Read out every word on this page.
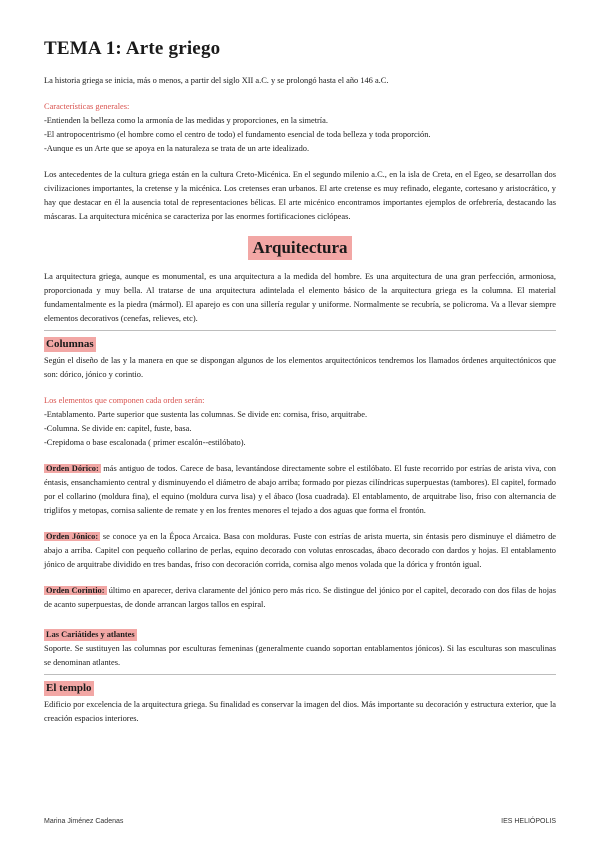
TEMA 1: Arte griego

La historia griega se inicia, más o menos, a partir del siglo XII a.C. y se prolongó hasta el año 146 a.C.

Características generales:

-Entienden la belleza como la armonía de las medidas y proporciones, en la simetría.

-El antropocentrismo (el hombre como el centro de todo) el fundamento esencial de toda belleza y toda proporción.

-Aunque es un Arte que se apoya en la naturaleza se trata de un arte idealizado.

Los antecedentes de la cultura griega están en la cultura Creto-Micénica. En el segundo milenio a.C., en la isla de Creta, en el Egeo, se desarrollan dos civilizaciones importantes, la cretense y la micénica. Los cretenses eran urbanos. El arte cretense es muy refinado, elegante, cortesano y aristocrático, y hay que destacar en él la ausencia total de representaciones bélicas. El arte micénico encontramos importantes ejemplos de orfebrería, destacando las máscaras. La arquitectura micénica se caracteriza por las enormes fortificaciones ciclópeas.

Arquitectura

La arquitectura griega, aunque es monumental, es una arquitectura a la medida del hombre. Es una arquitectura de una gran perfección, armoniosa, proporcionada y muy bella. Al tratarse de una arquitectura adintelada el elemento básico de la arquitectura griega es la columna. El material fundamentalmente es la piedra (mármol). El aparejo es con una sillería regular y uniforme. Normalmente se recubría, se policroma. Va a llevar siempre elementos decorativos (cenefas, relieves, etc).

Columnas

Según el diseño de las y la manera en que se dispongan algunos de los elementos arquitectónicos tendremos los llamados órdenes arquitectónicos que son: dórico, jónico y corintio.

Los elementos que componen cada orden serán:

-Entablamento. Parte superior que sustenta las columnas. Se divide en: cornisa, friso, arquitrabe.

-Columna. Se divide en: capitel, fuste, basa.

-Crepidoma o base escalonada ( primer escalón--estilóbato).

Orden Dórico: más antiguo de todos. Carece de basa, levantándose directamente sobre el estilóbato. El fuste recorrido por estrías de arista viva, con éntasis, ensanchamiento central y disminuyendo el diámetro de abajo arriba; formado por piezas cilíndricas superpuestas (tambores). El capitel, formado por el collarino (moldura fina), el equino (moldura curva lisa) y el ábaco (losa cuadrada). El entablamento, de arquitrabe liso, friso con alternancia de triglifos y metopas, cornisa saliente de remate y en los frentes menores el tejado a dos aguas que forma el frontón.

Orden Jónico: se conoce ya en la Época Arcaica. Basa con molduras. Fuste con estrías de arista muerta, sin éntasis pero disminuye el diámetro de abajo a arriba. Capitel con pequeño collarino de perlas, equino decorado con volutas enroscadas, ábaco decorado con dardos y hojas. El entablamento jónico de arquitrabe dividido en tres bandas, friso con decoración corrida, cornisa algo menos volada que la dórica y frontón igual.

Orden Corintio: último en aparecer, deriva claramente del jónico pero más rico. Se distingue del jónico por el capitel, decorado con dos filas de hojas de acanto superpuestas, de donde arrancan largos tallos en espiral.

Las Cariátides y atlantes

Soporte. Se sustituyen las columnas por esculturas femeninas (generalmente cuando soportan entablamentos jónicos). Si las esculturas son masculinas se denominan atlantes.

El templo

Edificio por excelencia de la arquitectura griega. Su finalidad es conservar la imagen del dios. Más importante su decoración y estructura exterior, que la creación espacios interiores.

Marina Jiménez Cadenas	IES HELIÓPOLIS
